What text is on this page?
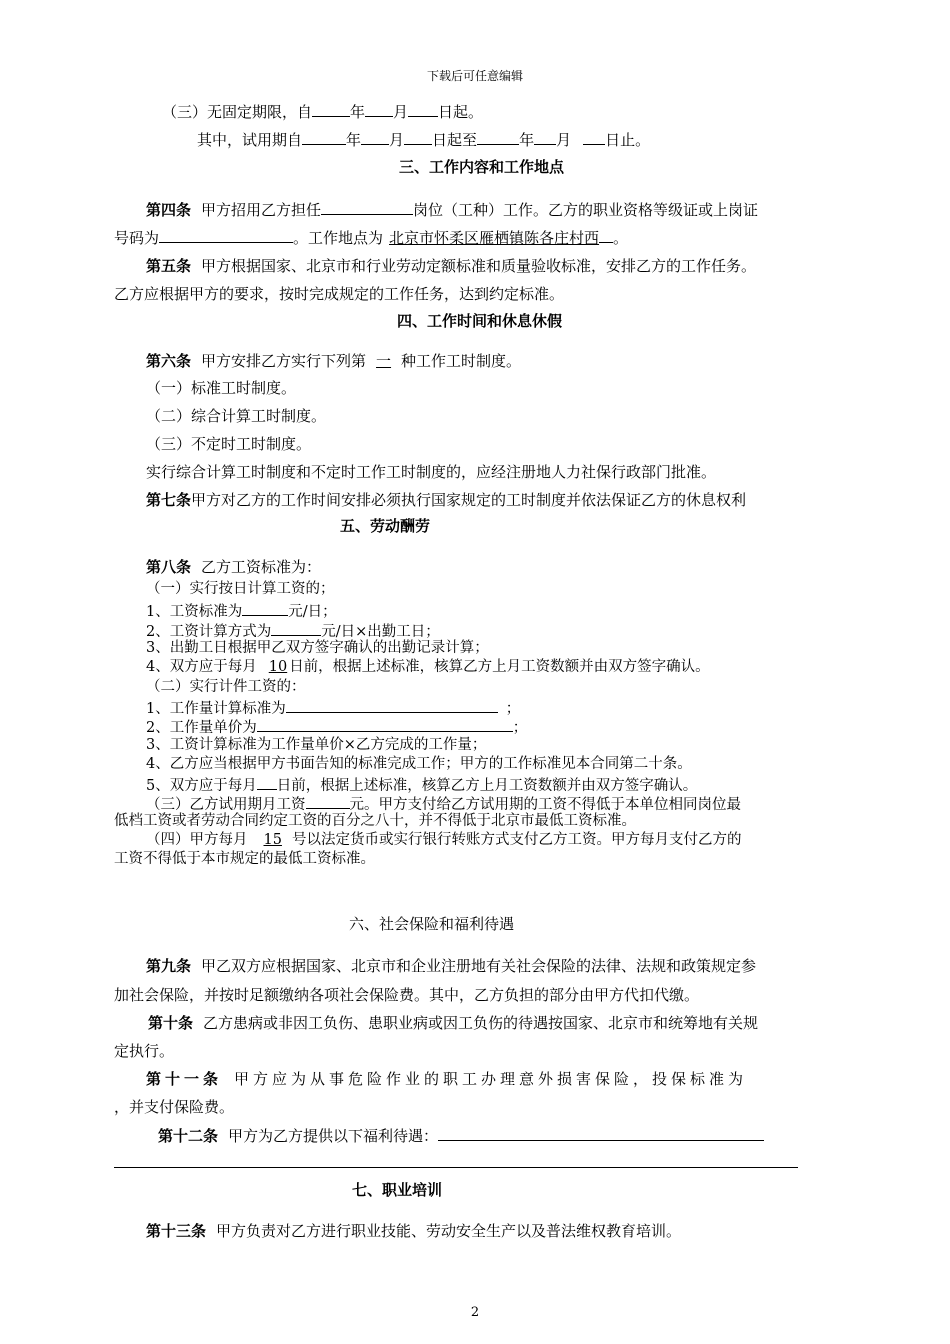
下载后可任意编辑
（三）无固定期限，自	年 月 日起。
其中，试用期自	年 月 日起至	年 月 日止。
三、工作内容和工作地点
第四条 甲方招用乙方担任	岗位（工种）工作。乙方的职业资格等级证或上岗证
号码为	。工作地点为 北京市怀柔区雁栖镇陈各庄村西 。
第五条 甲方根据国家、北京市和行业劳动定额标准和质量验收标准，安排乙方的工作任务。
乙方应根据甲方的要求，按时完成规定的工作任务，达到约定标准。
四、工作时间和休息休假
第六条 甲方安排乙方实行下列第 一 种工作工时制度。
（一）标准工时制度。
（二）综合计算工时制度。
（三）不定时工时制度。
实行综合计算工时制度和不定时工作工时制度的，应经注册地人力社保行政部门批准。
第七条甲方对乙方的工作时间安排必须执行国家规定的工时制度并依法保证乙方的休息权利
五、劳动酬劳
第八条 乙方工资标准为：
（一）实行按日计算工资的；
1、工资标准为	元/日；
2、工资计算方式为	元/日×出勤工日；
3、出勤工日根据甲乙双方签字确认的出勤记录计算；
4、双方应于每月 10 日前，根据上述标准，核算乙方上月工资数额并由双方签字确认。
（二）实行计件工资的：
1、工作量计算标准为	；
2、工作量单价为	；
3、工资计算标准为工作量单价×乙方完成的工作量；
4、乙方应当根据甲方书面告知的标准完成工作；甲方的工作标准见本合同第二十条。
5、双方应于每月 日前，根据上述标准，核算乙方上月工资数额并由双方签字确认。
（三）乙方试用期月工资	元。甲方支付给乙方试用期的工资不得低于本单位相同岗位最
低档工资或者劳动合同约定工资的百分之八十，并不得低于北京市最低工资标准。
（四）甲方每月 15 号以法定货币或实行银行转账方式支付乙方工资。甲方每月支付乙方的
工资不得低于本市规定的最低工资标准。
六、社会保险和福利待遇
第九条 甲乙双方应根据国家、北京市和企业注册地有关社会保险的法律、法规和政策规定参
加社会保险，并按时足额缴纳各项社会保险费。其中，乙方负担的部分由甲方代扣代缴。
第十条 乙方患病或非因工负伤、患职业病或因工负伤的待遇按国家、北京市和统筹地有关规
定执行。
第十一条 甲方应为从事危险作业的职工办理意外损害保险，投保标准为
，并支付保险费。
第十二条 甲方为乙方提供以下福利待遇：
七、职业培训
第十三条 甲方负责对乙方进行职业技能、劳动安全生产以及普法维权教育培训。
2
